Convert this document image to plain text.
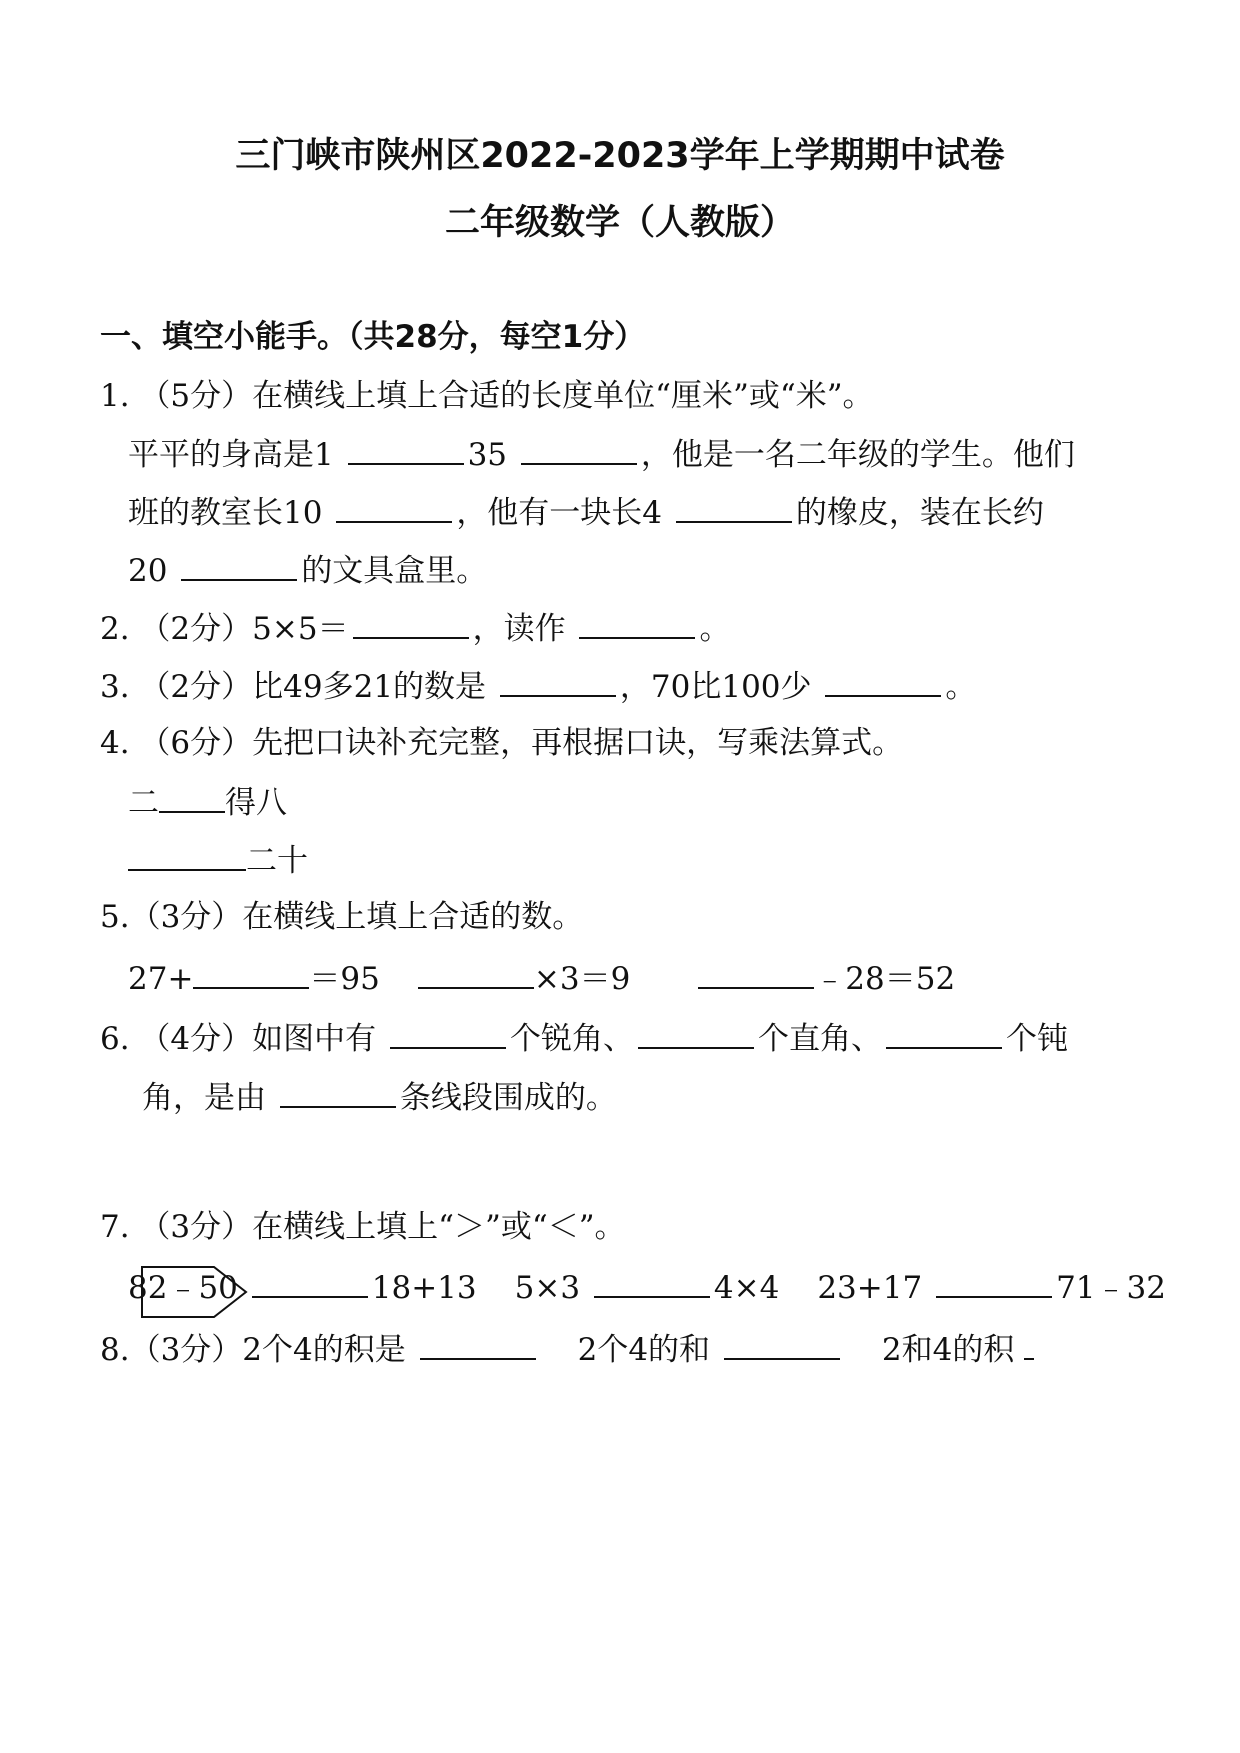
三门峡市陕州区2022-2023学年上学期期中试卷
二年级数学（人教版）
一、填空小能手。（共28分，每空1分）
1. （5分）在横线上填上合适的长度单位“厘米”或“米”。
平平的身高是1	35	，他是一名二年级的学生。他们
班的教室长10	，他有一块长4	的橡皮，装在长约
20	的文具盒里。
2. （2分）5×5＝	，读作	。
3. （2分）比49多21的数是	，70比100少	。
4. （6分）先把口诀补充完整，再根据口诀，写乘法算式。
二 得八
二十
5.（3分）在横线上填上合适的数。
27+	＝95	×3＝9	﹣28＝52
6. （4分）如图中有	个锐角、	个直角、	个钝
角，是由	条线段围成的。
7. （3分）在横线上填上“＞”或“＜”。
82﹣50	18+13 5×3	4×4 23+17	71﹣32
8.（3分）2个4的积是	2个4的和	2和4的积
